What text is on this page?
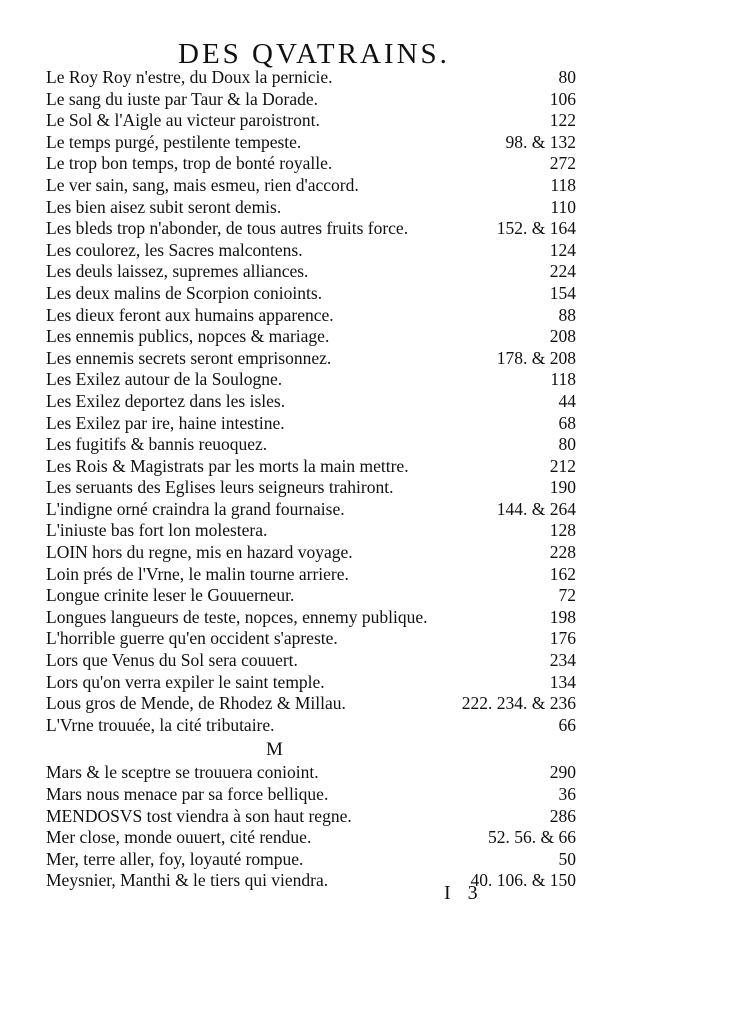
DES QVATRAINS.
Le Roy Roy n'estre, du Doux la pernicie.	80
Le sang du iuste par Taur & la Dorade.	106
Le Sol & l'Aigle au victeur paroistront.	122
Le temps purgé, pestilente tempeste.	98. & 132
Le trop bon temps, trop de bonté royalle.	272
Le ver sain, sang, mais esmeu, rien d'accord.	118
Les bien aisez subit seront demis.	110
Les bleds trop n'abonder, de tous autres fruits force.	152. & 164
Les coulorez, les Sacres malcontens.	124
Les deuls laissez, supremes alliances.	224
Les deux malins de Scorpion conioints.	154
Les dieux feront aux humains apparence.	88
Les ennemis publics, nopces & mariage.	208
Les ennemis secrets seront emprisonnez.	178. & 208
Les Exilez autour de la Soulogne.	118
Les Exilez deportez dans les isles.	44
Les Exilez par ire, haine intestine.	68
Les fugitifs & bannis reuoquez.	80
Les Rois & Magistrats par les morts la main mettre.	212
Les seruants des Eglises leurs seigneurs trahiront.	190
L'indigne orné craindra la grand fournaise.	144. & 264
L'iniuste bas fort lon molestera.	128
LOIN hors du regne, mis en hazard voyage.	228
Loin prés de l'Vrne, le malin tourne arriere.	162
Longue crinite leser le Gouuerneur.	72
Longues langueurs de teste, nopces, ennemy publique.	198
L'horrible guerre qu'en occident s'apreste.	176
Lors que Venus du Sol sera couuert.	234
Lors qu'on verra expiler le saint temple.	134
Lous gros de Mende, de Rhodez & Millau.	222. 234. & 236
L'Vrne trouuée, la cité tributaire.	66
M
Mars & le sceptre se trouuera conioint.	290
Mars nous menace par sa force bellique.	36
MENDOSVS tost viendra à son haut regne.	286
Mer close, monde ouuert, cité rendue.	52. 56. & 66
Mer, terre aller, foy, loyauté rompue.	50
Meysnier, Manthi & le tiers qui viendra.	40. 106. & 150
I 3
